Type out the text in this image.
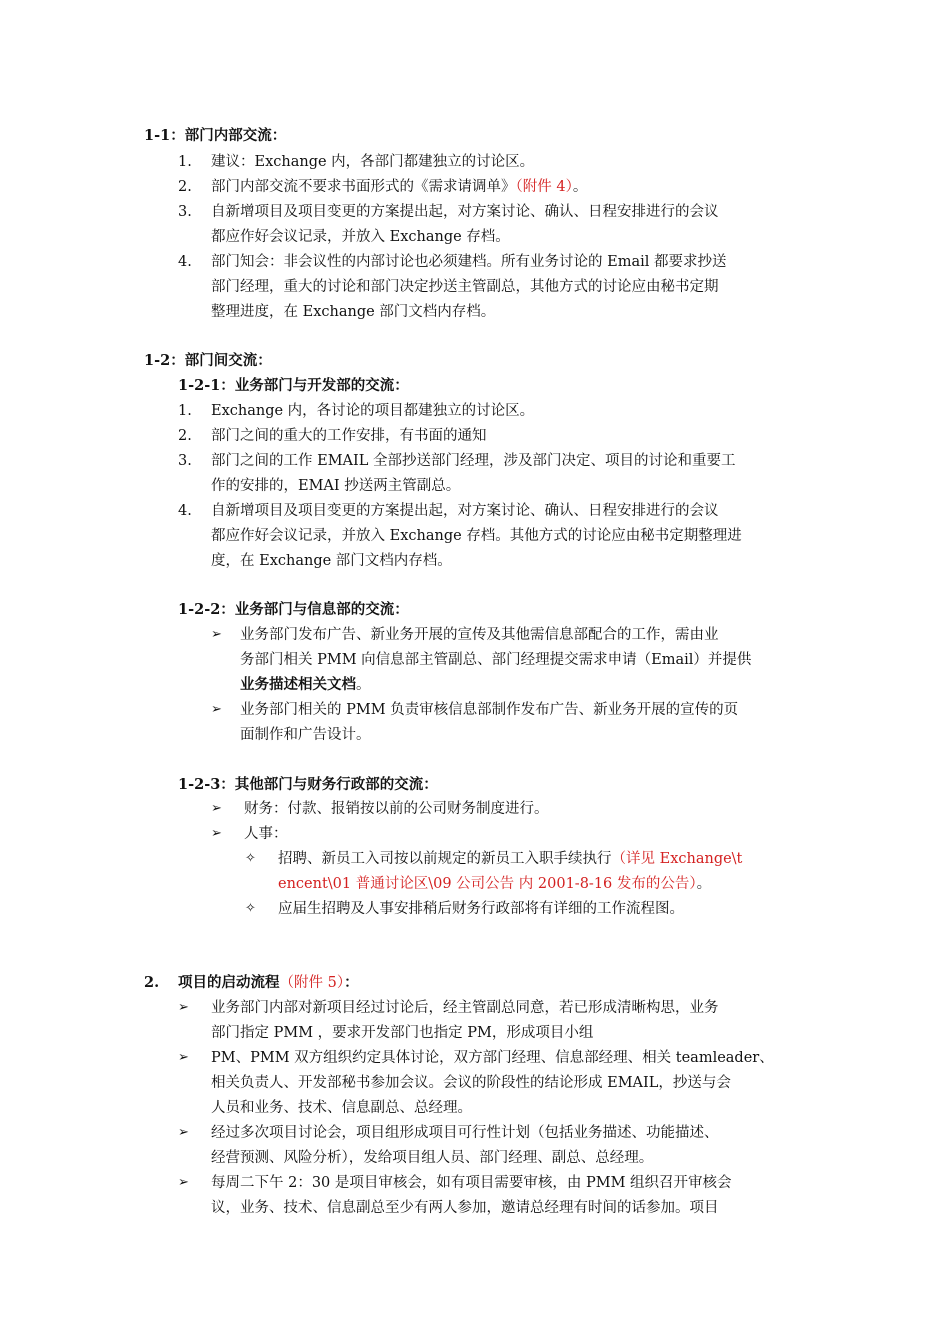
1-1：部门内部交流：
1. 建议：Exchange 内，各部门都建独立的讨论区。
2. 部门内部交流不要求书面形式的《需求请调单》（附件 4）。
3. 自新增项目及项目变更的方案提出起，对方案讨论、确认、日程安排进行的会议
都应作好会议记录，并放入 Exchange 存档。
4. 部门知会：非会议性的内部讨论也必须建档。所有业务讨论的 Email 都要求抄送
部门经理，重大的讨论和部门决定抄送主管副总，其他方式的讨论应由秘书定期
整理进度，在 Exchange 部门文档内存档。
1-2：部门间交流：
1-2-1：业务部门与开发部的交流：
1. Exchange 内，各讨论的项目都建独立的讨论区。
2. 部门之间的重大的工作安排，有书面的通知
3. 部门之间的工作 EMAIL 全部抄送部门经理，涉及部门决定、项目的讨论和重要工
作的安排的，EMAI 抄送两主管副总。
4. 自新增项目及项目变更的方案提出起，对方案讨论、确认、日程安排进行的会议
都应作好会议记录，并放入 Exchange 存档。其他方式的讨论应由秘书定期整理进
度，在 Exchange 部门文档内存档。
1-2-2：业务部门与信息部的交流：
➢ 业务部门发布广告、新业务开展的宣传及其他需信息部配合的工作，需由业
务部门相关 PMM 向信息部主管副总、部门经理提交需求申请（Email）并提供
业务描述相关文档。
➢ 业务部门相关的 PMM 负责审核信息部制作发布广告、新业务开展的宣传的页
面制作和广告设计。
1-2-3：其他部门与财务行政部的交流：
➢ 财务：付款、报销按以前的公司财务制度进行。
➢ 人事：
✧ 招聘、新员工入司按以前规定的新员工入职手续执行（详见 Exchange\t
encent\01 普通讨论区\09 公司公告 内 2001-8-16 发布的公告）。
✧ 应届生招聘及人事安排稍后财务行政部将有详细的工作流程图。
2. 项目的启动流程（附件 5）：
➢ 业务部门内部对新项目经过讨论后，经主管副总同意，若已形成清晰构思，业务
部门指定 PMM ，要求开发部门也指定 PM，形成项目小组
➢ PM、PMM 双方组织约定具体讨论，双方部门经理、信息部经理、相关 teamleader、
相关负责人、开发部秘书参加会议。会议的阶段性的结论形成 EMAIL，抄送与会
人员和业务、技术、信息副总、总经理。
➢ 经过多次项目讨论会，项目组形成项目可行性计划（包括业务描述、功能描述、
经营预测、风险分析），发给项目组人员、部门经理、副总、总经理。
➢ 每周二下午 2：30 是项目审核会，如有项目需要审核，由 PMM 组织召开审核会
议，业务、技术、信息副总至少有两人参加，邀请总经理有时间的话参加。项目
